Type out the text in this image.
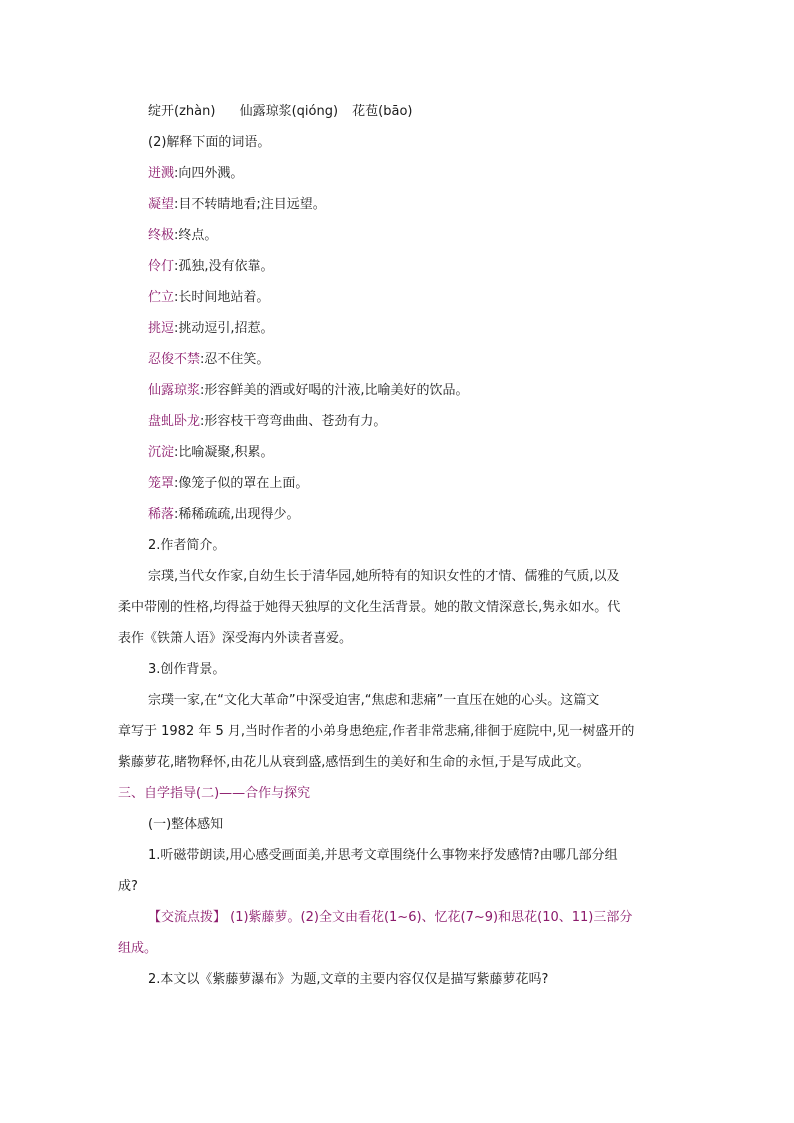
绽开(zhàn) 仙露琼浆(qióng) 花苞(bāo)
(2)解释下面的词语。
迸溅:向四外溅。
凝望:目不转睛地看;注目远望。
终极:终点。
伶仃:孤独,没有依靠。
伫立:长时间地站着。
挑逗:挑动逗引,招惹。
忍俊不禁:忍不住笑。
仙露琼浆:形容鲜美的酒或好喝的汁液,比喻美好的饮品。
盘虬卧龙:形容枝干弯弯曲曲、苍劲有力。
沉淀:比喻凝聚,积累。
笼罩:像笼子似的罩在上面。
稀落:稀稀疏疏,出现得少。
2.作者简介。
宗璞,当代女作家,自幼生长于清华园,她所特有的知识女性的才情、儒雅的气质,以及
柔中带刚的性格,均得益于她得天独厚的文化生活背景。她的散文情深意长,隽永如水。代
表作《铁箫人语》深受海内外读者喜爱。
3.创作背景。
宗璞一家,在“文化大革命”中深受迫害,“焦虑和悲痛”一直压在她的心头。这篇文
章写于 1982 年 5 月,当时作者的小弟身患绝症,作者非常悲痛,徘徊于庭院中,见一树盛开的
紫藤萝花,睹物释怀,由花儿从衰到盛,感悟到生的美好和生命的永恒,于是写成此文。
三、自学指导(二)——合作与探究
(一)整体感知
1.听磁带朗读,用心感受画面美,并思考文章围绕什么事物来抒发感情?由哪几部分组
成?
【交流点拨】 (1)紫藤萝。(2)全文由看花(1~6)、忆花(7~9)和思花(10、11)三部分
组成。
2.本文以《紫藤萝瀑布》为题,文章的主要内容仅仅是描写紫藤萝花吗?
